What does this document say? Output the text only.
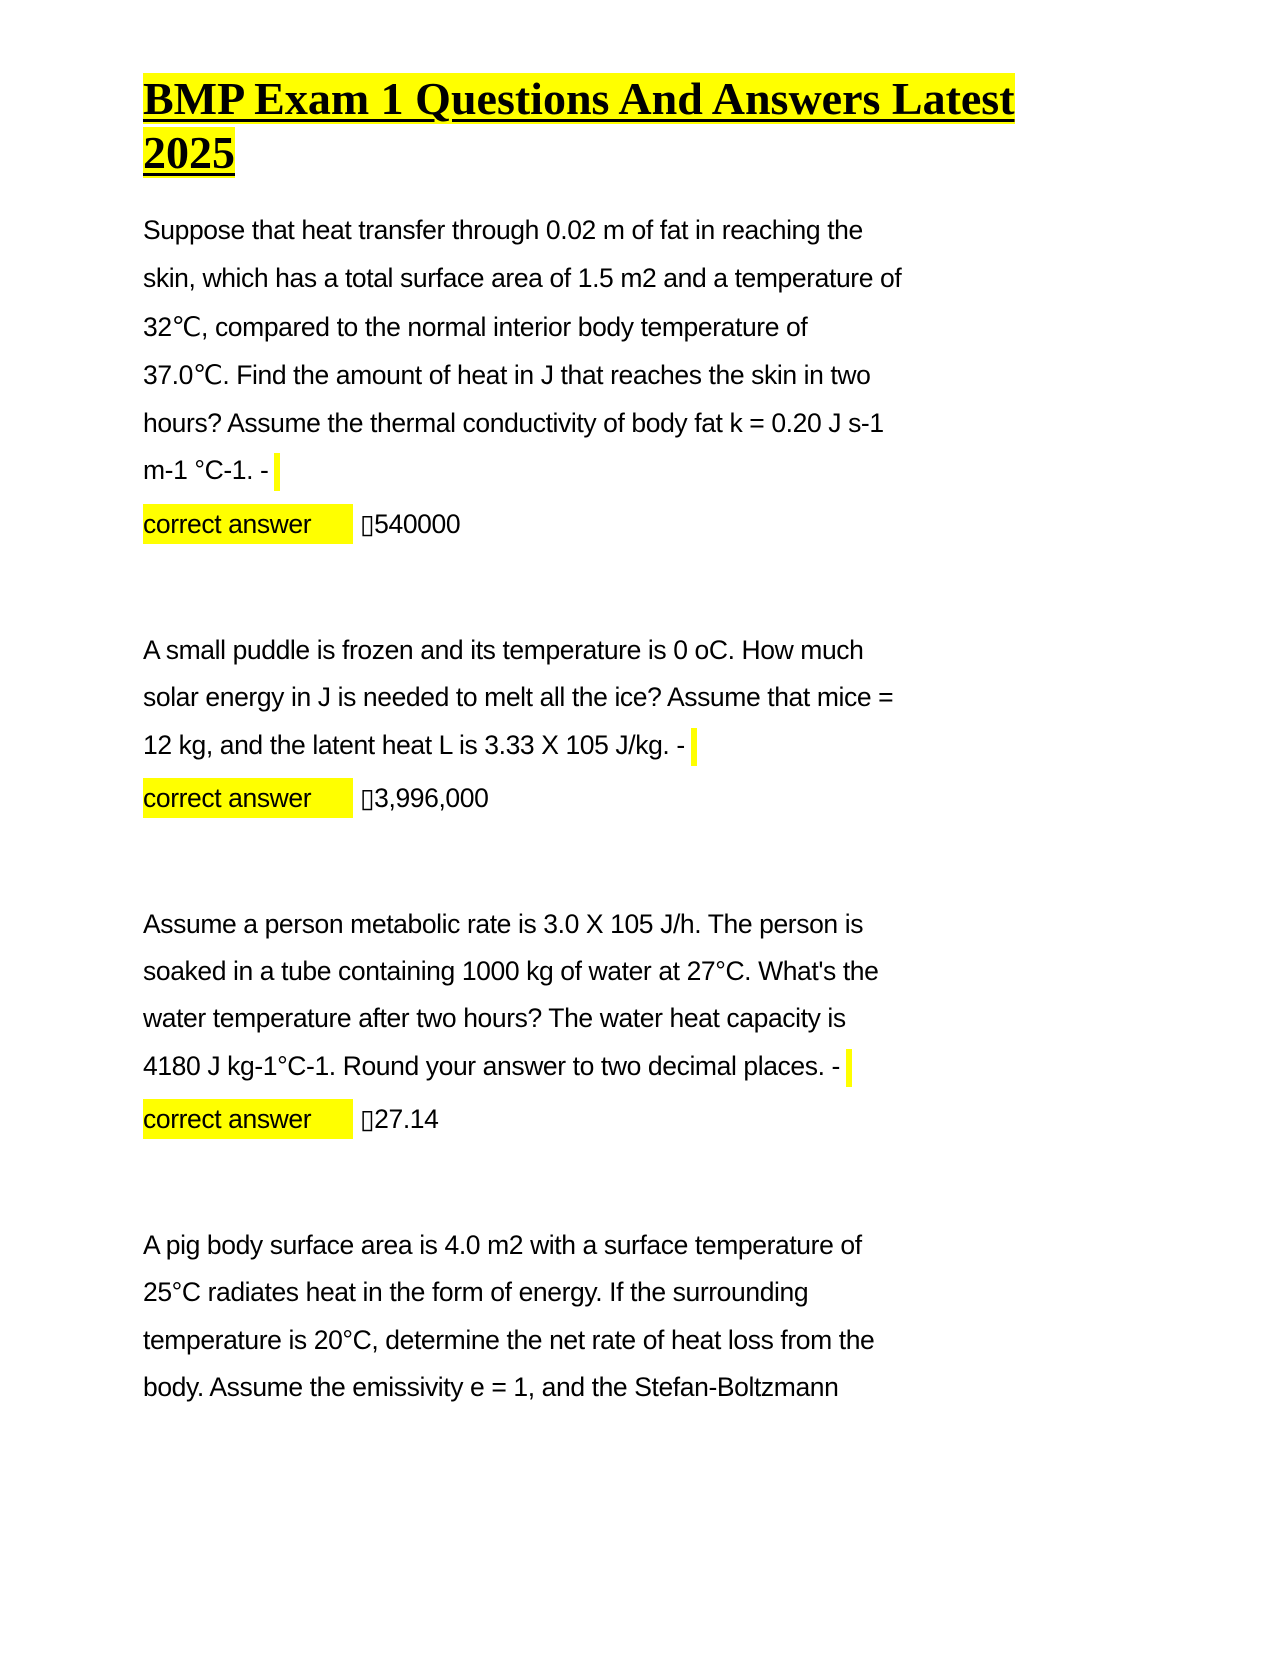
BMP Exam 1 Questions And Answers Latest
2025
Suppose that heat transfer through 0.02 m of fat in reaching the
skin, which has a total surface area of 1.5 m2 and a temperature of
32℃, compared to the normal interior body temperature of
37.0℃. Find the amount of heat in J that reaches the skin in two
hours? Assume the thermal conductivity of body fat k = 0.20 J s-1
m-1 °C-1. -
correct answer ▯540000
A small puddle is frozen and its temperature is 0 oC. How much
solar energy in J is needed to melt all the ice? Assume that mice =
12 kg, and the latent heat L is 3.33 X 105 J/kg. -
correct answer ▯3,996,000
Assume a person metabolic rate is 3.0 X 105 J/h. The person is
soaked in a tube containing 1000 kg of water at 27°C. What's the
water temperature after two hours? The water heat capacity is
4180 J kg-1°C-1. Round your answer to two decimal places. -
correct answer ▯27.14
A pig body surface area is 4.0 m2 with a surface temperature of
25°C radiates heat in the form of energy. If the surrounding
temperature is 20°C, determine the net rate of heat loss from the
body. Assume the emissivity e = 1, and the Stefan-Boltzmann
